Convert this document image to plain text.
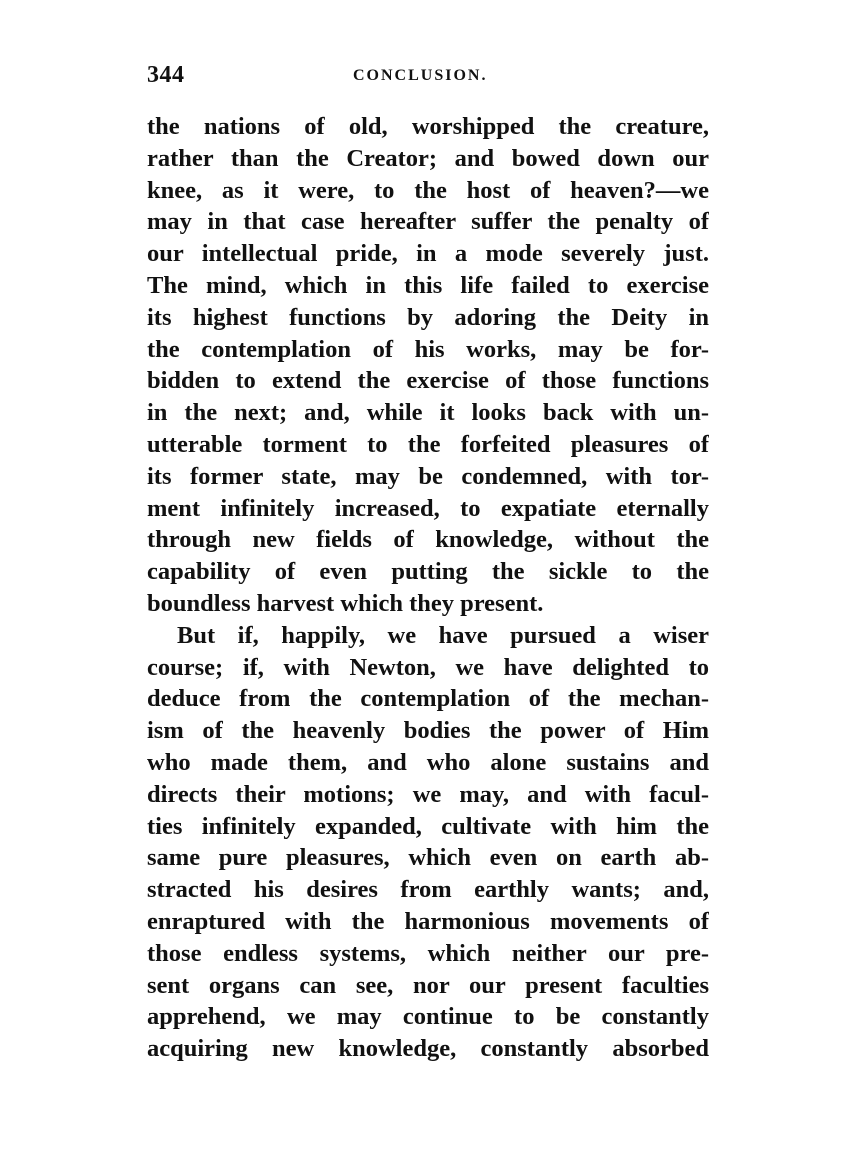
344	CONCLUSION.
the nations of old, worshipped the creature,
rather than the Creator; and bowed down our
knee, as it were, to the host of heaven?—we
may in that case hereafter suffer the penalty of
our intellectual pride, in a mode severely just.
The mind, which in this life failed to exercise
its highest functions by adoring the Deity in
the contemplation of his works, may be for-
bidden to extend the exercise of those functions
in the next; and, while it looks back with un-
utterable torment to the forfeited pleasures of
its former state, may be condemned, with tor-
ment infinitely increased, to expatiate eternally
through new fields of knowledge, without the
capability of even putting the sickle to the
boundless harvest which they present.
But if, happily, we have pursued a wiser
course; if, with Newton, we have delighted to
deduce from the contemplation of the mechan-
ism of the heavenly bodies the power of Him
who made them, and who alone sustains and
directs their motions; we may, and with facul-
ties infinitely expanded, cultivate with him the
same pure pleasures, which even on earth ab-
stracted his desires from earthly wants; and,
enraptured with the harmonious movements of
those endless systems, which neither our pre-
sent organs can see, nor our present faculties
apprehend, we may continue to be constantly
acquiring new knowledge, constantly absorbed
